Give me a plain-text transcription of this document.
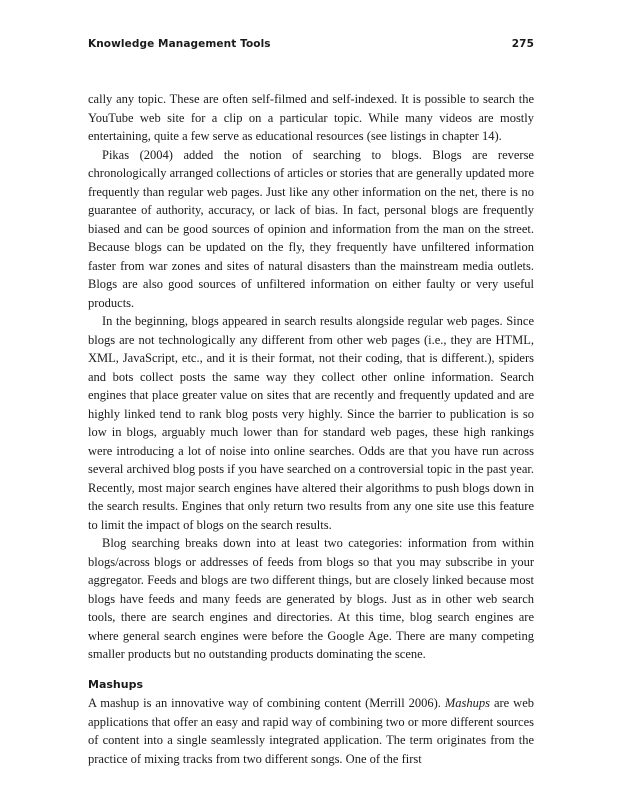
Knowledge Management Tools	275

cally any topic. These are often self-filmed and self-indexed. It is possible to search the YouTube web site for a clip on a particular topic. While many videos are mostly entertaining, quite a few serve as educational resources (see listings in chapter 14).

Pikas (2004) added the notion of searching to blogs. Blogs are reverse chronologically arranged collections of articles or stories that are generally updated more frequently than regular web pages. Just like any other information on the net, there is no guarantee of authority, accuracy, or lack of bias. In fact, personal blogs are frequently biased and can be good sources of opinion and information from the man on the street. Because blogs can be updated on the fly, they frequently have unfiltered information faster from war zones and sites of natural disasters than the mainstream media outlets. Blogs are also good sources of unfiltered information on either faulty or very useful products.

In the beginning, blogs appeared in search results alongside regular web pages. Since blogs are not technologically any different from other web pages (i.e., they are HTML, XML, JavaScript, etc., and it is their format, not their coding, that is different.), spiders and bots collect posts the same way they collect other online information. Search engines that place greater value on sites that are recently and frequently updated and are highly linked tend to rank blog posts very highly. Since the barrier to publication is so low in blogs, arguably much lower than for standard web pages, these high rankings were introducing a lot of noise into online searches. Odds are that you have run across several archived blog posts if you have searched on a controversial topic in the past year. Recently, most major search engines have altered their algorithms to push blogs down in the search results. Engines that only return two results from any one site use this feature to limit the impact of blogs on the search results.

Blog searching breaks down into at least two categories: information from within blogs/across blogs or addresses of feeds from blogs so that you may subscribe in your aggregator. Feeds and blogs are two different things, but are closely linked because most blogs have feeds and many feeds are generated by blogs. Just as in other web search tools, there are search engines and directories. At this time, blog search engines are where general search engines were before the Google Age. There are many competing smaller products but no outstanding products dominating the scene.

Mashups

A mashup is an innovative way of combining content (Merrill 2006). Mashups are web applications that offer an easy and rapid way of combining two or more different sources of content into a single seamlessly integrated application. The term originates from the practice of mixing tracks from two different songs. One of the first
